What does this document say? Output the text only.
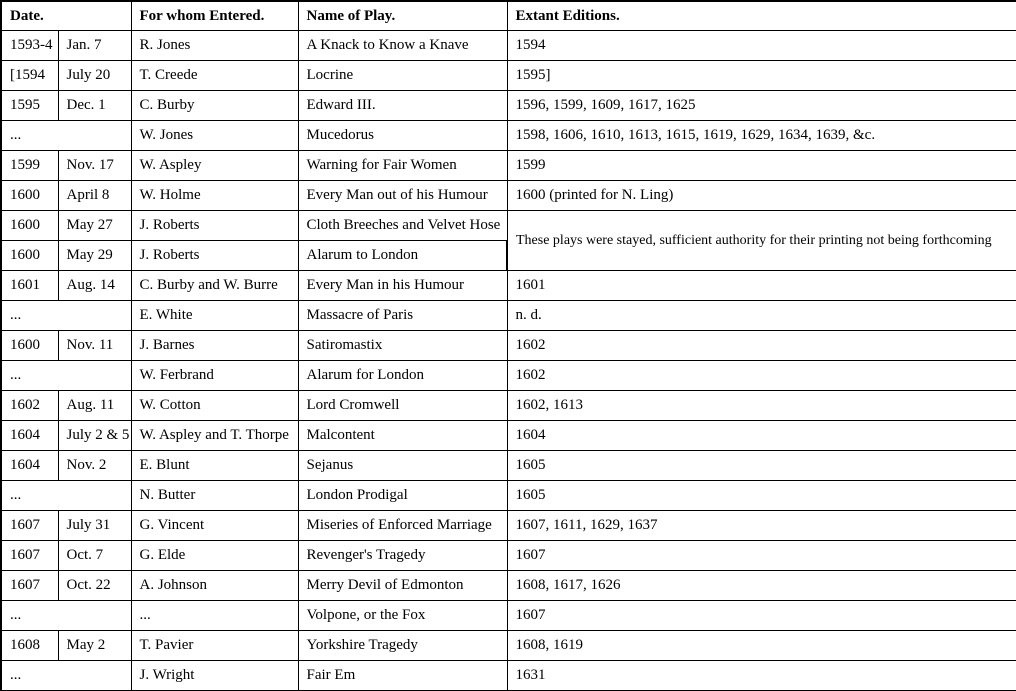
Date.		For whom Entered.	Name of Play.	Extant Editions.
1593-4	Jan. 7	R. Jones	A Knack to Know a Knave	1594
[1594	July 20	T. Creede	Locrine	1595]
1595	Dec. 1	C. Burby	Edward III.	1596, 1599, 1609, 1617, 1625
...		W. Jones	Mucedorus	1598, 1606, 1610, 1613, 1615, 1619, 1629, 1634, 1639, &c.
1599	Nov. 17	W. Aspley	Warning for Fair Women	1599
1600	April 8	W. Holme	Every Man out of his Humour	1600 (printed for N. Ling)
1600	May 27	J. Roberts	Cloth Breeches and Velvet Hose	These plays were stayed, sufficient authority for their printing not being forthcoming
1600	May 29	J. Roberts	Alarum to London	
1601	Aug. 14	C. Burby and W. Burre	Every Man in his Humour	1601
...		E. White	Massacre of Paris	n. d.
1600	Nov. 11	J. Barnes	Satiromastix	1602
...		W. Ferbrand	Alarum for London	1602
1602	Aug. 11	W. Cotton	Lord Cromwell	1602, 1613
1604	July 2 & 5	W. Aspley and T. Thorpe	Malcontent	1604
1604	Nov. 2	E. Blunt	Sejanus	1605
...		N. Butter	London Prodigal	1605
1607	July 31	G. Vincent	Miseries of Enforced Marriage	1607, 1611, 1629, 1637
1607	Oct. 7	G. Elde	Revenger's Tragedy	1607
1607	Oct. 22	A. Johnson	Merry Devil of Edmonton	1608, 1617, 1626
...		...	Volpone, or the Fox	1607
1608	May 2	T. Pavier	Yorkshire Tragedy	1608, 1619
...		J. Wright	Fair Em	1631
